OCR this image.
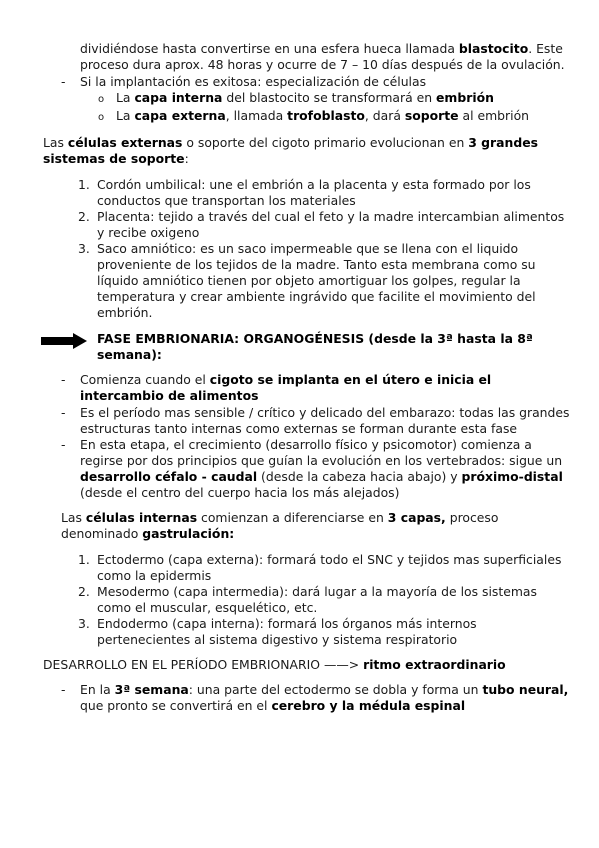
dividiéndose hasta convertirse en una esfera hueca llamada blastocito. Este
proceso dura aprox. 48 horas y ocurre de 7 – 10 días después de la ovulación.
- Si la implantación es exitosa: especialización de células
o La capa interna del blastocito se transformará en embrión
o La capa externa, llamada trofoblasto, dará soporte al embrión
Las células externas o soporte del cigoto primario evolucionan en 3 grandes
sistemas de soporte:
1. Cordón umbilical: une el embrión a la placenta y esta formado por los
conductos que transportan los materiales
2. Placenta: tejido a través del cual el feto y la madre intercambian alimentos
y recibe oxigeno
3. Saco amniótico: es un saco impermeable que se llena con el liquido
proveniente de los tejidos de la madre. Tanto esta membrana como su
líquido amniótico tienen por objeto amortiguar los golpes, regular la
temperatura y crear ambiente ingrávido que facilite el movimiento del
embrión.
FASE EMBRIONARIA: ORGANOGÉNESIS (desde la 3ª hasta la 8ª
semana):
- Comienza cuando el cigoto se implanta en el útero e inicia el
intercambio de alimentos
- Es el período mas sensible / crítico y delicado del embarazo: todas las grandes
estructuras tanto internas como externas se forman durante esta fase
- En esta etapa, el crecimiento (desarrollo físico y psicomotor) comienza a
regirse por dos principios que guían la evolución en los vertebrados: sigue un
desarrollo céfalo - caudal (desde la cabeza hacia abajo) y próximo-distal
(desde el centro del cuerpo hacia los más alejados)
Las células internas comienzan a diferenciarse en 3 capas, proceso
denominado gastrulación:
1. Ectodermo (capa externa): formará todo el SNC y tejidos mas superficiales
como la epidermis
2. Mesodermo (capa intermedia): dará lugar a la mayoría de los sistemas
como el muscular, esquelético, etc.
3. Endodermo (capa interna): formará los órganos más internos
pertenecientes al sistema digestivo y sistema respiratorio
DESARROLLO EN EL PERÍODO EMBRIONARIO ——> ritmo extraordinario
- En la 3ª semana: una parte del ectodermo se dobla y forma un tubo neural,
que pronto se convertirá en el cerebro y la médula espinal
